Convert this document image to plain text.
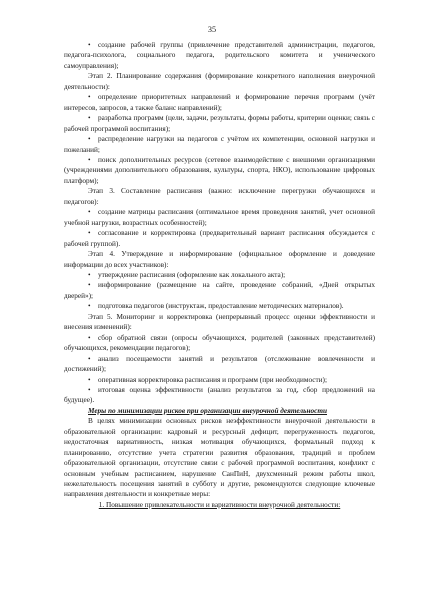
35

• создание рабочей группы (привлечение представителей администрации, педагогов, педагога-психолога, социального педагога, родительского комитета и ученического самоуправления);

Этап 2. Планирование содержания (формирование конкретного наполнения внеурочной деятельности):

• определение приоритетных направлений и формирование перечня программ (учёт интересов, запросов, а также баланс направлений);

• разработка программ (цели, задачи, результаты, формы работы, критерии оценки; связь с рабочей программой воспитания);

• распределение нагрузки на педагогов с учётом их компетенции, основной нагрузки и пожеланий;

• поиск дополнительных ресурсов (сетевое взаимодействие с внешними организациями (учреждениями дополнительного образования, культуры, спорта, НКО), использование цифровых платформ);

Этап 3. Составление расписания (важно: исключение перегрузки обучающихся и педагогов):

• создание матрицы расписания (оптимальное время проведения занятий, учет основной учебной нагрузки, возрастных особенностей);

• согласование и корректировка (предварительный вариант расписания обсуждается с рабочей группой).

Этап 4. Утверждение и информирование (официальное оформление и доведение информации до всех участников):

• утверждение расписания (оформление как локального акта);

• информирование (размещение на сайте, проведение собраний, «Дней открытых дверей»);

• подготовка педагогов (инструктаж, предоставление методических материалов).

Этап 5. Мониторинг и корректировка (непрерывный процесс оценки эффективности и внесения изменений):

• сбор обратной связи (опросы обучающихся, родителей (законных представителей) обучающихся, рекомендации педагогов);

• анализ посещаемости занятий и результатов (отслеживание вовлеченности и достижений);

• оперативная корректировка расписания и программ (при необходимости);

• итоговая оценка эффективности (анализ результатов за год, сбор предложений на будущее).

Меры по минимизации рисков при организации внеурочной деятельности

В целях минимизации основных рисков неэффективности внеурочной деятельности в образовательной организации: кадровый и ресурсный дефицит, перегруженность педагогов, недостаточная вариативность, низкая мотивация обучающихся, формальный подход к планированию, отсутствие учета стратегии развития образования, традиций и проблем образовательной организации, отсутствие связи с рабочей программой воспитания, конфликт с основным учебным расписанием, нарушение СанПиН, двухсменный режим работы школ, нежелательность посещения занятий в субботу и другие, рекомендуются следующие ключевые направления деятельности и конкретные меры:

1. Повышение привлекательности и вариативности внеурочной деятельности:
